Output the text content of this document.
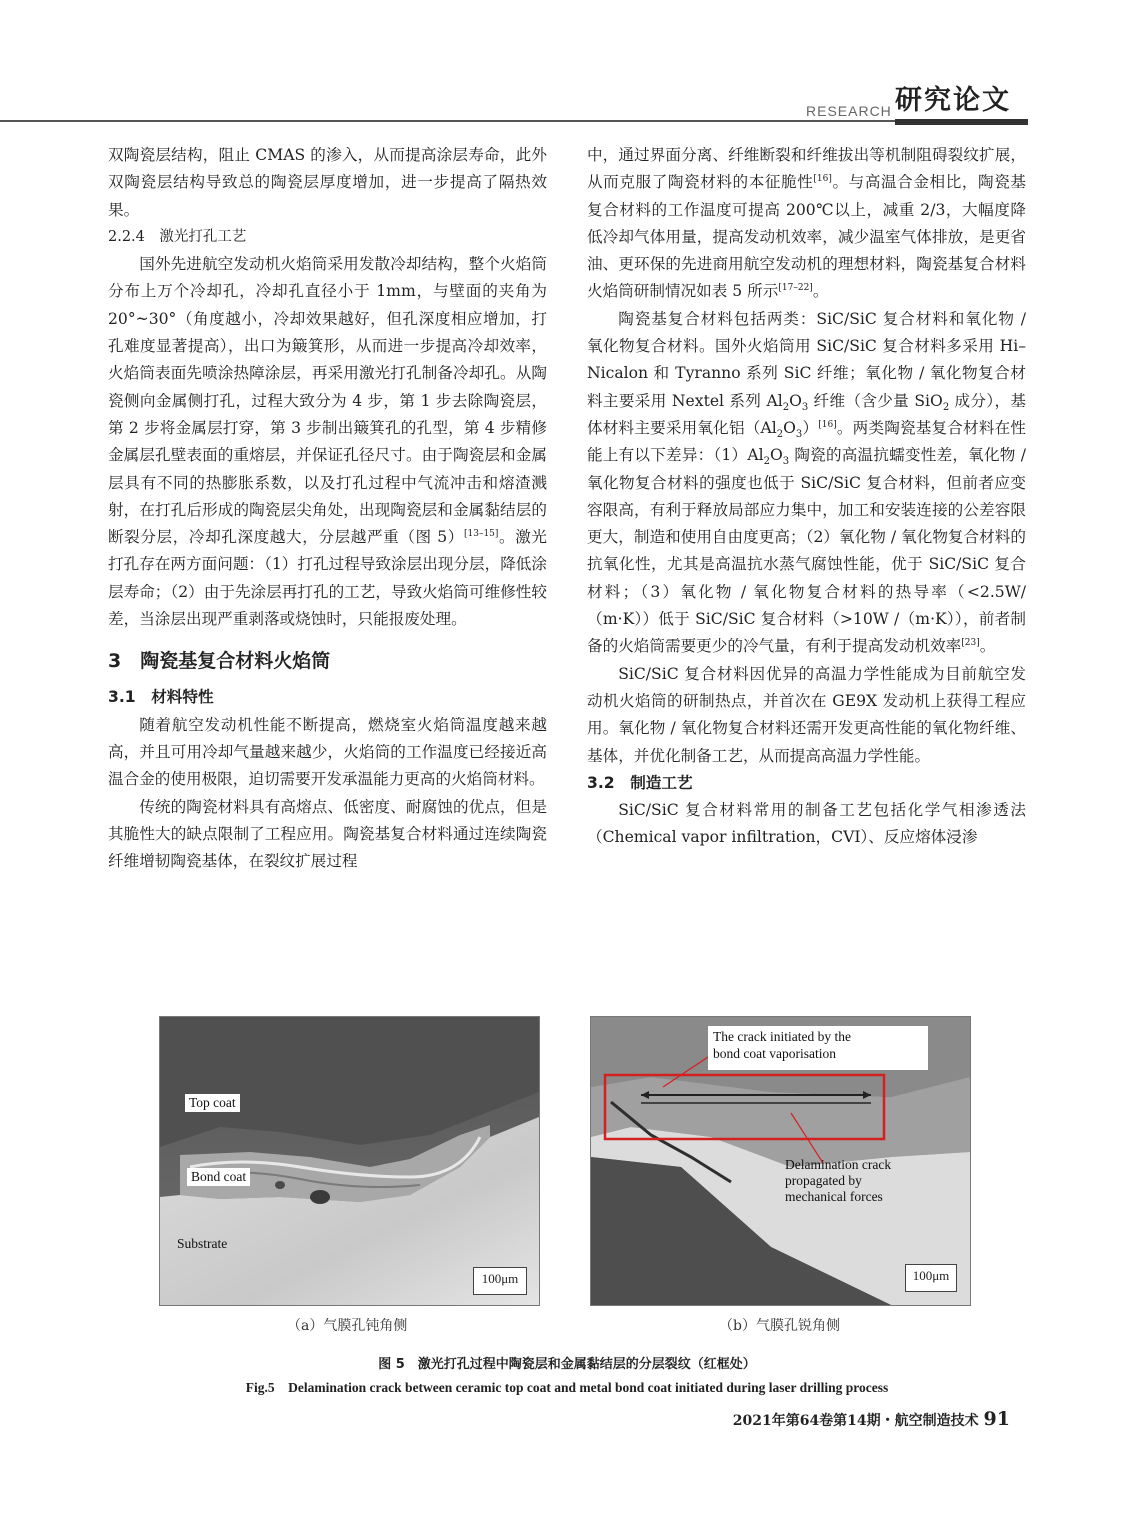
RESEARCH 研究论文

双陶瓷层结构，阻止 CMAS 的渗入，从而提高涂层寿命，此外双陶瓷层结构导致总的陶瓷层厚度增加，进一步提高了隔热效果。

2.2.4　激光打孔工艺

国外先进航空发动机火焰筒采用发散冷却结构，整个火焰筒分布上万个冷却孔，冷却孔直径小于 1mm，与壁面的夹角为 20°~30°（角度越小，冷却效果越好，但孔深度相应增加，打孔难度显著提高），出口为簸箕形，从而进一步提高冷却效率，火焰筒表面先喷涂热障涂层，再采用激光打孔制备冷却孔。从陶瓷侧向金属侧打孔，过程大致分为 4 步，第 1 步去除陶瓷层，第 2 步将金属层打穿，第 3 步制出簸箕孔的孔型，第 4 步精修金属层孔壁表面的重熔层，并保证孔径尺寸。由于陶瓷层和金属层具有不同的热膨胀系数，以及打孔过程中气流冲击和熔渣溅射，在打孔后形成的陶瓷层尖角处，出现陶瓷层和金属黏结层的断裂分层，冷却孔深度越大，分层越严重（图 5）[13–15]。激光打孔存在两方面问题：（1）打孔过程导致涂层出现分层，降低涂层寿命；（2）由于先涂层再打孔的工艺，导致火焰筒可维修性较差，当涂层出现严重剥落或烧蚀时，只能报废处理。

3　陶瓷基复合材料火焰筒

3.1　材料特性

随着航空发动机性能不断提高，燃烧室火焰筒温度越来越高，并且可用冷却气量越来越少，火焰筒的工作温度已经接近高温合金的使用极限，迫切需要开发承温能力更高的火焰筒材料。

传统的陶瓷材料具有高熔点、低密度、耐腐蚀的优点，但是其脆性大的缺点限制了工程应用。陶瓷基复合材料通过连续陶瓷纤维增韧陶瓷基体，在裂纹扩展过程

中，通过界面分离、纤维断裂和纤维拔出等机制阻碍裂纹扩展，从而克服了陶瓷材料的本征脆性[16]。与高温合金相比，陶瓷基复合材料的工作温度可提高 200℃以上，减重 2/3，大幅度降低冷却气体用量，提高发动机效率，减少温室气体排放，是更省油、更环保的先进商用航空发动机的理想材料，陶瓷基复合材料火焰筒研制情况如表 5 所示[17–22]。

陶瓷基复合材料包括两类：SiC/SiC 复合材料和氧化物 / 氧化物复合材料。国外火焰筒用 SiC/SiC 复合材料多采用 Hi–Nicalon 和 Tyranno 系列 SiC 纤维；氧化物 / 氧化物复合材料主要采用 Nextel 系列 $Al_2O_3$ 纤维（含少量 SiO$_2$ 成分），基体材料主要采用氧化铝$(Al_2O_3)[16]$。两类陶瓷基复合材料在性能上有以下差异：$(1)Al_2O_3$ 陶瓷的高温抗蠕变性差，氧化物 / 氧化物复合材料的强度也低于 SiC/SiC 复合材料，但前者应变容限高，有利于释放局部应力集中，加工和安装连接的公差容限更大，制造和使用自由度更高；（2）氧化物 / 氧化物复合材料的抗氧化性，尤其是高温抗水蒸气腐蚀性能，优于 SiC/SiC 复合材料；（3）氧化物 / 氧化物复合材料的热导率（<2.5W/（m·K））低于 SiC/SiC 复合材料（>10W /（m·K）），前者制备的火焰筒需要更少的冷气量，有利于提高发动机效率[23]。

SiC/SiC 复合材料因优异的高温力学性能成为目前航空发动机火焰筒的研制热点，并首次在 GE9X 发动机上获得工程应用。氧化物 / 氧化物复合材料还需开发更高性能的氧化物纤维、基体，并优化制备工艺，从而提高高温力学性能。

3.2　制造工艺

SiC/SiC 复合材料常用的制备工艺包括化学气相渗透法（Chemical vapor infiltration，CVI）、反应熔体浸渗

Top coat
Bond coat
Substrate
100μm
（a）气膜孔钝角侧
The crack initiated by the
bond coat vaporisation
Delamination crack
propagated by
mechanical forces
100μm
（b）气膜孔锐角侧
图 5　激光打孔过程中陶瓷层和金属黏结层的分层裂纹（红框处）
Fig.5　Delamination crack between ceramic top coat and metal bond coat initiated during laser drilling process
2021年第64卷第14期・航空制造技术 91
